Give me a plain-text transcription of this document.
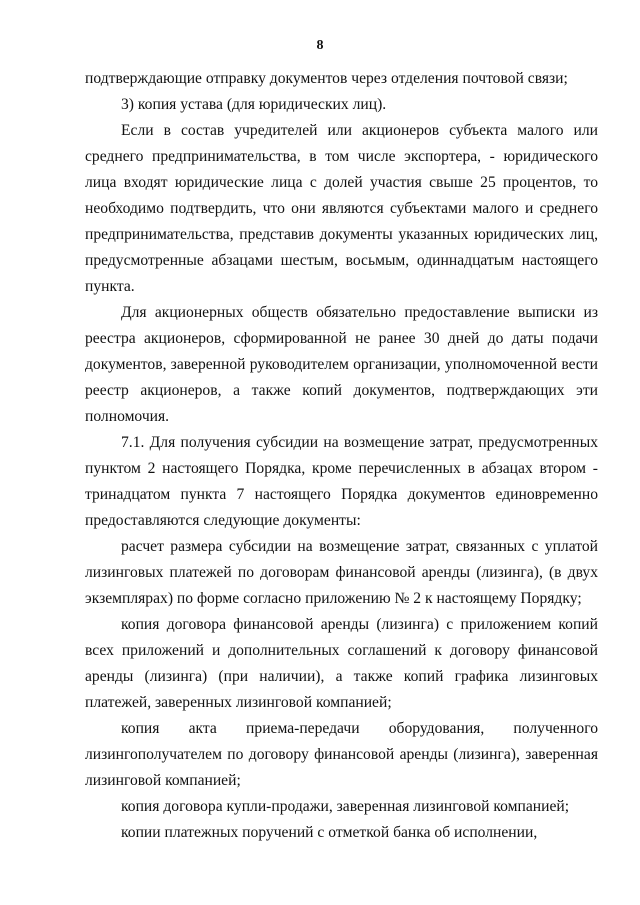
8

подтверждающие отправку документов через отделения почтовой связи;

3) копия устава (для юридических лиц).

Если в состав учредителей или акционеров субъекта малого или среднего предпринимательства, в том числе экспортера, - юридического лица входят юридические лица с долей участия свыше 25 процентов, то необходимо подтвердить, что они являются субъектами малого и среднего предпринимательства, представив документы указанных юридических лиц, предусмотренные абзацами шестым, восьмым, одиннадцатым настоящего пункта.

Для акционерных обществ обязательно предоставление выписки из реестра акционеров, сформированной не ранее 30 дней до даты подачи документов, заверенной руководителем организации, уполномоченной вести реестр акционеров, а также копий документов, подтверждающих эти полномочия.

7.1. Для получения субсидии на возмещение затрат, предусмотренных пунктом 2 настоящего Порядка, кроме перечисленных в абзацах втором - тринадцатом пункта 7 настоящего Порядка документов единовременно предоставляются следующие документы:

расчет размера субсидии на возмещение затрат, связанных с уплатой лизинговых платежей по договорам финансовой аренды (лизинга), (в двух экземплярах) по форме согласно приложению № 2 к настоящему Порядку;

копия договора финансовой аренды (лизинга) с приложением копий всех приложений и дополнительных соглашений к договору финансовой аренды (лизинга) (при наличии), а также копий графика лизинговых платежей, заверенных лизинговой компанией;

копия акта приема-передачи оборудования, полученного лизингополучателем по договору финансовой аренды (лизинга), заверенная лизинговой компанией;

копия договора купли-продажи, заверенная лизинговой компанией;

копии платежных поручений с отметкой банка об исполнении,
